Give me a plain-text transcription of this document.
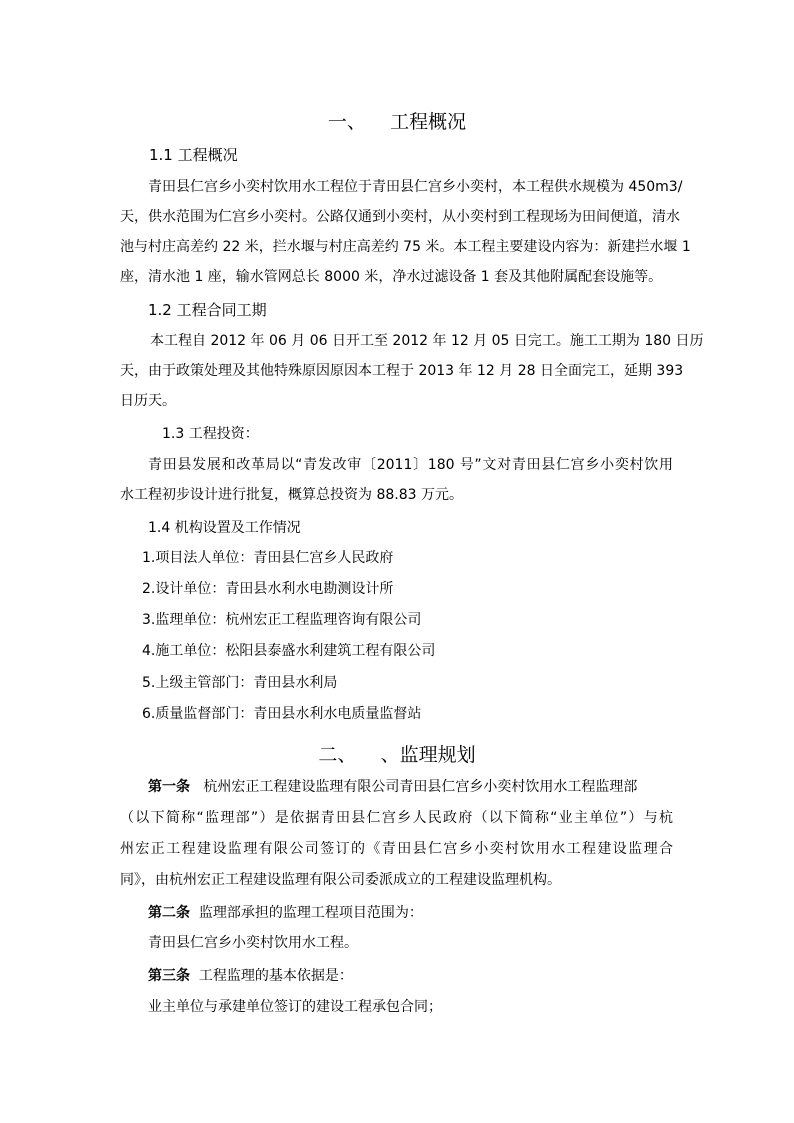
一、    工程概况
1.1 工程概况
青田县仁宫乡小奕村饮用水工程位于青田县仁宫乡小奕村，本工程供水规模为 450m3/
天，供水范围为仁宫乡小奕村。公路仅通到小奕村，从小奕村到工程现场为田间便道，清水
池与村庄高差约 22 米，拦水堰与村庄高差约 75 米。本工程主要建设内容为：新建拦水堰 1
座，清水池 1 座，输水管网总长 8000 米，净水过滤设备 1 套及其他附属配套设施等。
1.2 工程合同工期
本工程自 2012 年 06 月 06 日开工至 2012 年 12 月 05 日完工。施工工期为 180 日历
天，由于政策处理及其他特殊原因原因本工程于 2013 年 12 月 28 日全面完工，延期 393
日历天。
1.3 工程投资：
青田县发展和改革局以“青发改审〔2011〕180 号”文对青田县仁宫乡小奕村饮用
水工程初步设计进行批复，概算总投资为 88.83 万元。
1.4 机构设置及工作情况
1.项目法人单位：青田县仁宫乡人民政府
2.设计单位：青田县水利水电勘测设计所
3.监理单位：杭州宏正工程监理咨询有限公司
4.施工单位：松阳县泰盛水利建筑工程有限公司
5.上级主管部门：青田县水利局
6.质量监督部门：青田县水利水电质量监督站
二、    、监理规划
第一条 杭州宏正工程建设监理有限公司青田县仁宫乡小奕村饮用水工程监理部
（以下简称“监理部”）是依据青田县仁宫乡人民政府（以下简称“业主单位”）与杭
州宏正工程建设监理有限公司签订的《青田县仁宫乡小奕村饮用水工程建设监理合
同》，由杭州宏正工程建设监理有限公司委派成立的工程建设监理机构。
第二条 监理部承担的监理工程项目范围为：
青田县仁宫乡小奕村饮用水工程。
第三条 工程监理的基本依据是：
业主单位与承建单位签订的建设工程承包合同；
